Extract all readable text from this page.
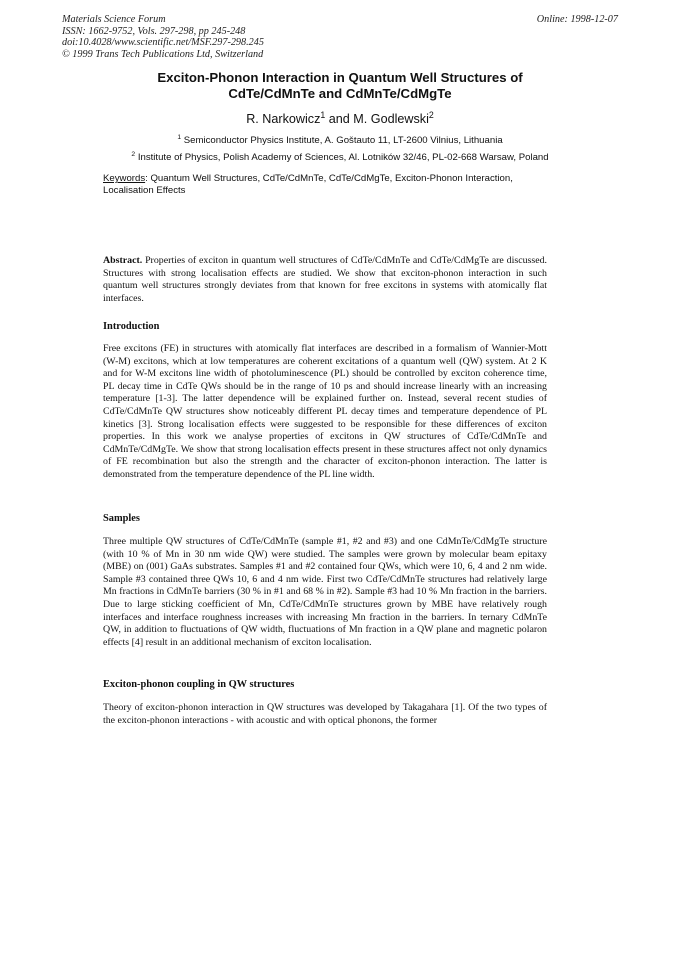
Materials Science Forum
ISSN: 1662-9752, Vols. 297-298, pp 245-248
doi:10.4028/www.scientific.net/MSF.297-298.245
© 1999 Trans Tech Publications Ltd, Switzerland
Online: 1998-12-07
Exciton-Phonon Interaction in Quantum Well Structures of
CdTe/CdMnTe and CdMnTe/CdMgTe
R. Narkowicz$^1$ and M. Godlewski$^2$
$^1$ Semiconductor Physics Institute, A. Goštauto 11, LT-2600 Vilnius, Lithuania
$^2$ Institute of Physics, Polish Academy of Sciences, Al. Lotników 32/46, PL-02-668 Warsaw, Poland
Keywords: Quantum Well Structures, CdTe/CdMnTe, CdTe/CdMgTe, Exciton-Phonon Interaction, Localisation Effects
Abstract. Properties of exciton in quantum well structures of CdTe/CdMnTe and CdTe/CdMgTe are discussed. Structures with strong localisation effects are studied. We show that exciton-phonon interaction in such quantum well structures strongly deviates from that known for free excitons in systems with atomically flat interfaces.
Introduction
Free excitons (FE) in structures with atomically flat interfaces are described in a formalism of Wannier-Mott (W-M) excitons, which at low temperatures are coherent excitations of a quantum well (QW) system. At 2 K and for W-M excitons line width of photoluminescence (PL) should be controlled by exciton coherence time, PL decay time in CdTe QWs should be in the range of 10 ps and should increase linearly with an increasing temperature [1-3]. The latter dependence will be explained further on. Instead, several recent studies of CdTe/CdMnTe QW structures show noticeably different PL decay times and temperature dependence of PL kinetics [3]. Strong localisation effects were suggested to be responsible for these differences of exciton properties. In this work we analyse properties of excitons in QW structures of CdTe/CdMnTe and CdMnTe/CdMgTe. We show that strong localisation effects present in these structures affect not only dynamics of FE recombination but also the strength and the character of exciton-phonon interaction. The latter is demonstrated from the temperature dependence of the PL line width.
Samples
Three multiple QW structures of CdTe/CdMnTe (sample #1, #2 and #3) and one CdMnTe/CdMgTe structure (with 10 % of Mn in 30 nm wide QW) were studied. The samples were grown by molecular beam epitaxy (MBE) on (001) GaAs substrates. Samples #1 and #2 contained four QWs, which were 10, 6, 4 and 2 nm wide. Sample #3 contained three QWs 10, 6 and 4 nm wide. First two CdTe/CdMnTe structures had relatively large Mn fractions in CdMnTe barriers (30 % in #1 and 68 % in #2). Sample #3 had 10 % Mn fraction in the barriers. Due to large sticking coefficient of Mn, CdTe/CdMnTe structures grown by MBE have relatively rough interfaces and interface roughness increases with increasing Mn fraction in the barriers. In ternary CdMnTe QW, in addition to fluctuations of QW width, fluctuations of Mn fraction in a QW plane and magnetic polaron effects [4] result in an additional mechanism of exciton localisation.
Exciton-phonon coupling in QW structures
Theory of exciton-phonon interaction in QW structures was developed by Takagahara [1]. Of the two types of the exciton-phonon interactions - with acoustic and with optical phonons, the former
